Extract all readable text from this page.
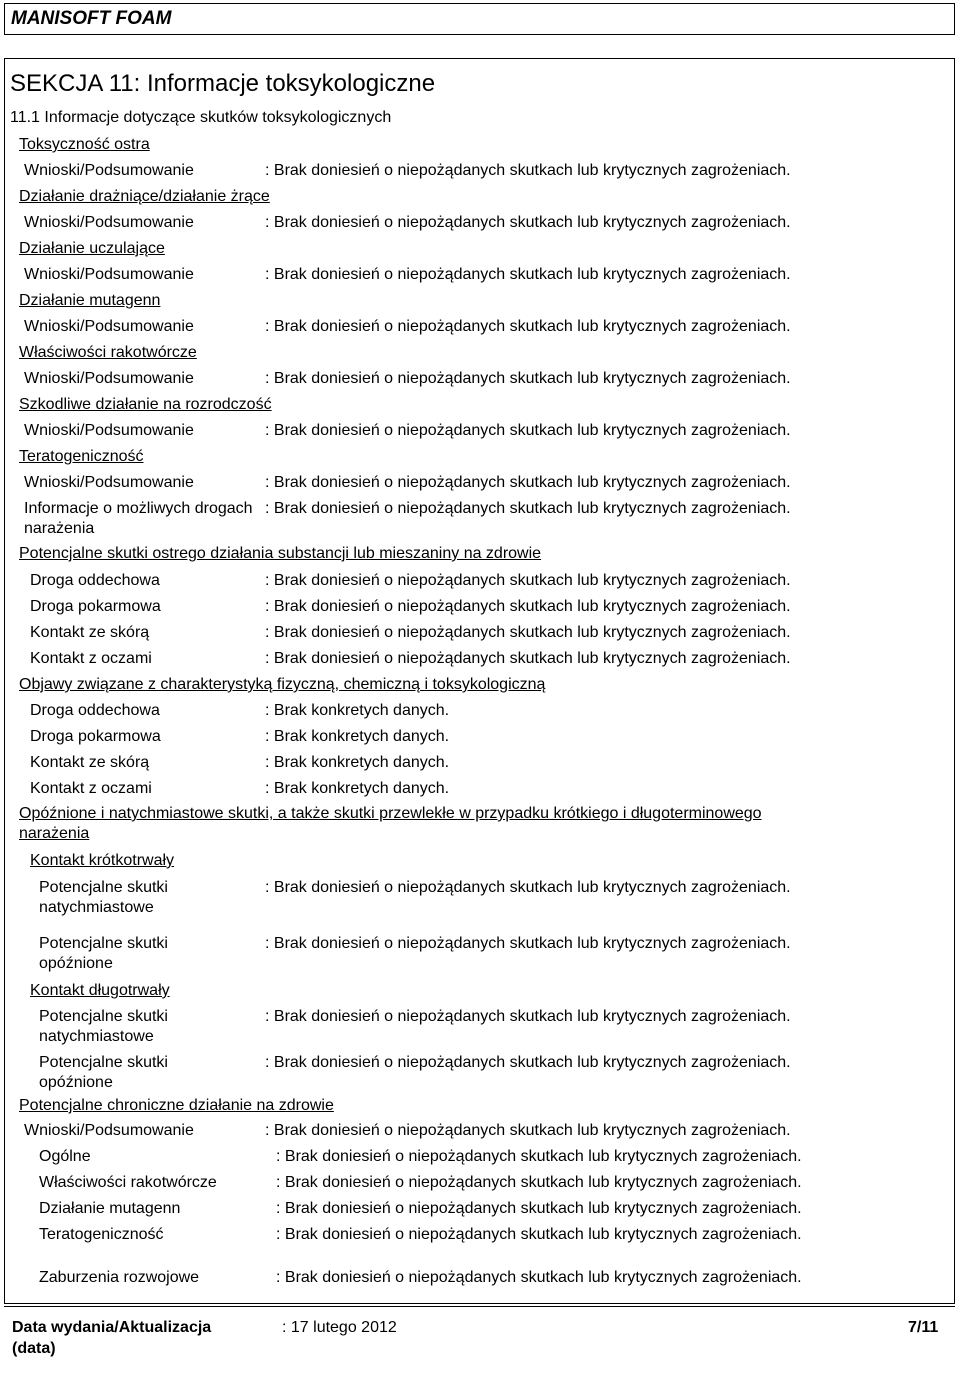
MANISOFT FOAM
SEKCJA 11: Informacje toksykologiczne
11.1 Informacje dotyczące skutków toksykologicznych
Toksyczność ostra
Wnioski/Podsumowanie	: Brak doniesień o niepożądanych skutkach lub krytycznych zagrożeniach.
Działanie drażniące/działanie żrące
Wnioski/Podsumowanie	: Brak doniesień o niepożądanych skutkach lub krytycznych zagrożeniach.
Działanie uczulające
Wnioski/Podsumowanie	: Brak doniesień o niepożądanych skutkach lub krytycznych zagrożeniach.
Działanie mutagenn
Wnioski/Podsumowanie	: Brak doniesień o niepożądanych skutkach lub krytycznych zagrożeniach.
Właściwości rakotwórcze
Wnioski/Podsumowanie	: Brak doniesień o niepożądanych skutkach lub krytycznych zagrożeniach.
Szkodliwe działanie na rozrodczość
Wnioski/Podsumowanie	: Brak doniesień o niepożądanych skutkach lub krytycznych zagrożeniach.
Teratogeniczność
Wnioski/Podsumowanie	: Brak doniesień o niepożądanych skutkach lub krytycznych zagrożeniach.
Informacje o możliwych drogach narażenia
: Brak doniesień o niepożądanych skutkach lub krytycznych zagrożeniach.
Potencjalne skutki ostrego działania substancji lub mieszaniny na zdrowie
Droga oddechowa	: Brak doniesień o niepożądanych skutkach lub krytycznych zagrożeniach.
Droga pokarmowa	: Brak doniesień o niepożądanych skutkach lub krytycznych zagrożeniach.
Kontakt ze skórą	: Brak doniesień o niepożądanych skutkach lub krytycznych zagrożeniach.
Kontakt z oczami	: Brak doniesień o niepożądanych skutkach lub krytycznych zagrożeniach.
Objawy związane z charakterystyką fizyczną, chemiczną i toksykologiczną
Droga oddechowa	: Brak konkretych danych.
Droga pokarmowa	: Brak konkretych danych.
Kontakt ze skórą	: Brak konkretych danych.
Kontakt z oczami	: Brak konkretych danych.
Opóźnione i natychmiastowe skutki, a także skutki przewlekłe w przypadku krótkiego i długoterminowego
narażenia
Kontakt krótkotrwały
Potencjalne skutki natychmiastowe
: Brak doniesień o niepożądanych skutkach lub krytycznych zagrożeniach.
Potencjalne skutki opóźnione
: Brak doniesień o niepożądanych skutkach lub krytycznych zagrożeniach.
Kontakt długotrwały
Potencjalne skutki natychmiastowe
: Brak doniesień o niepożądanych skutkach lub krytycznych zagrożeniach.
Potencjalne skutki opóźnione
: Brak doniesień o niepożądanych skutkach lub krytycznych zagrożeniach.
Potencjalne chroniczne działanie na zdrowie
Wnioski/Podsumowanie	: Brak doniesień o niepożądanych skutkach lub krytycznych zagrożeniach.
Ogólne	: Brak doniesień o niepożądanych skutkach lub krytycznych zagrożeniach.
Właściwości rakotwórcze	: Brak doniesień o niepożądanych skutkach lub krytycznych zagrożeniach.
Działanie mutagenn	: Brak doniesień o niepożądanych skutkach lub krytycznych zagrożeniach.
Teratogeniczność	: Brak doniesień o niepożądanych skutkach lub krytycznych zagrożeniach.
Zaburzenia rozwojowe	: Brak doniesień o niepożądanych skutkach lub krytycznych zagrożeniach.
Data wydania/Aktualizacja
(data)
: 17 lutego 2012	7/11
